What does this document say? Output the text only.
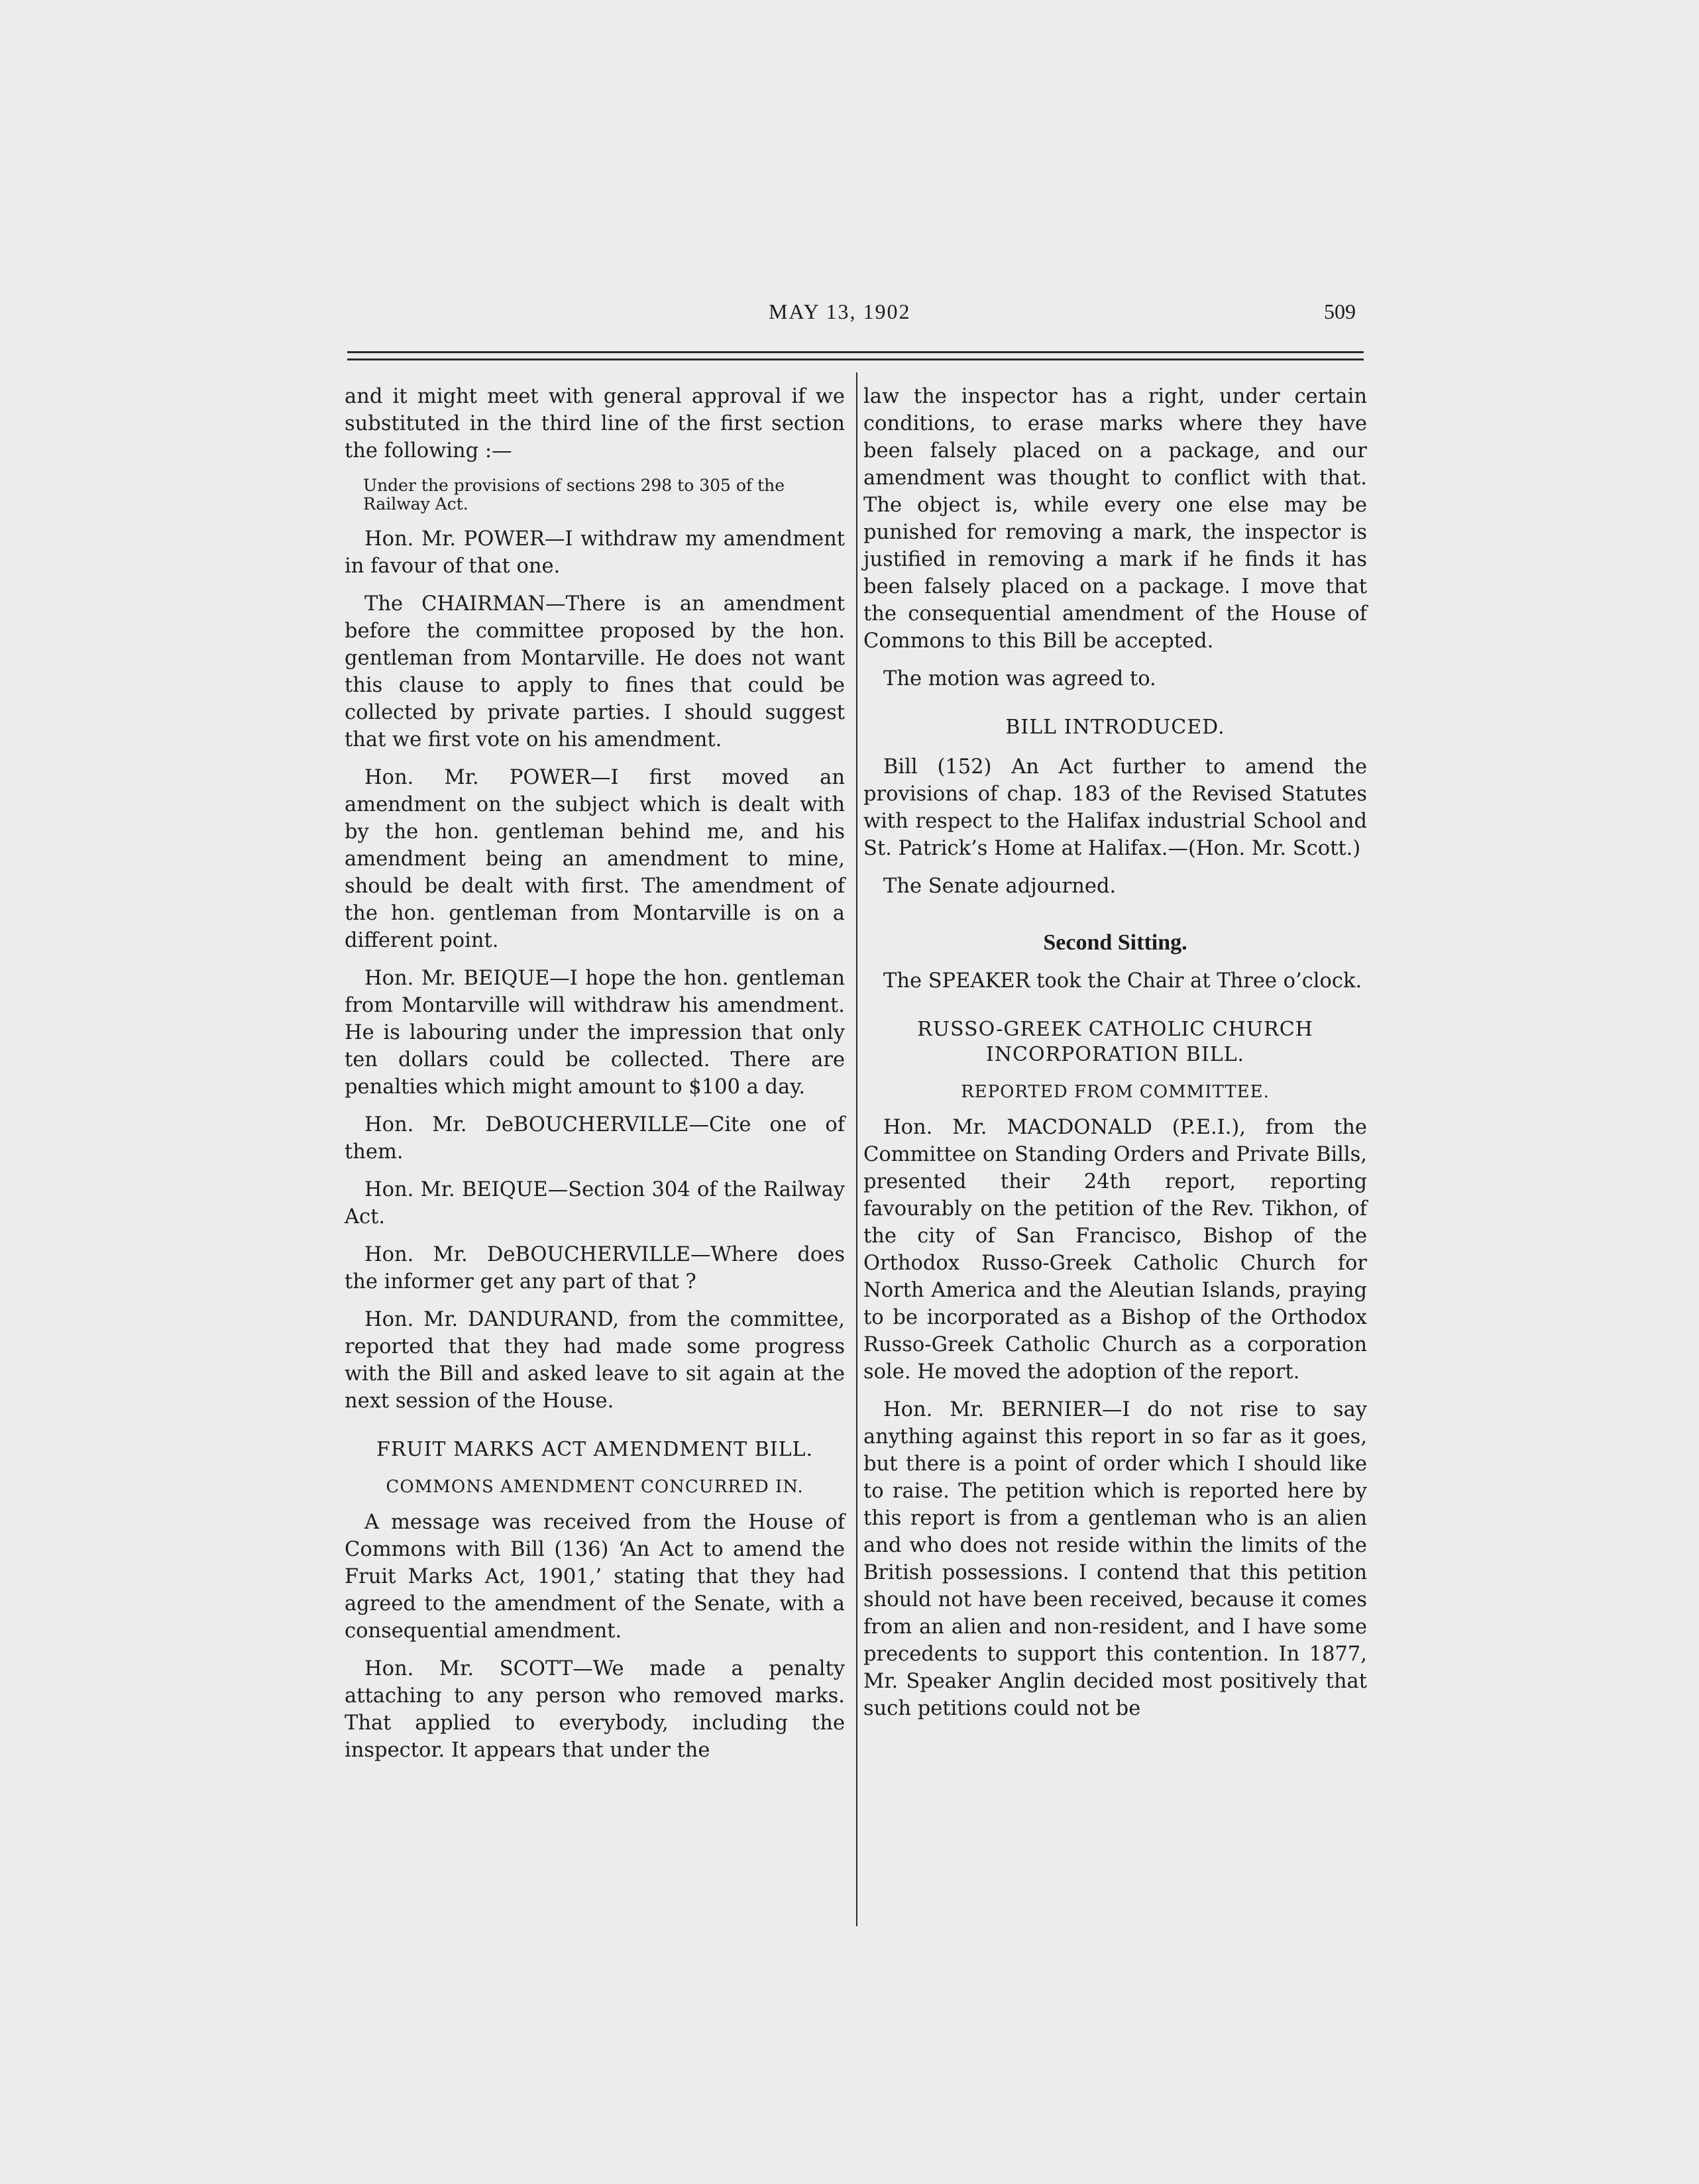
MAY 13, 1902	509

and it might meet with general approval if we substituted in the third line of the first section the following :—

Under the provisions of sections 298 to 305 of the Railway Act.

Hon. Mr. POWER—I withdraw my amendment in favour of that one.

The CHAIRMAN—There is an amendment before the committee proposed by the hon. gentleman from Montarville. He does not want this clause to apply to fines that could be collected by private parties. I should suggest that we first vote on his amendment.

Hon. Mr. POWER—I first moved an amendment on the subject which is dealt with by the hon. gentleman behind me, and his amendment being an amendment to mine, should be dealt with first. The amendment of the hon. gentleman from Montarville is on a different point.

Hon. Mr. BEIQUE—I hope the hon. gentleman from Montarville will withdraw his amendment. He is labouring under the impression that only ten dollars could be collected. There are penalties which might amount to $100 a day.

Hon. Mr. DeBOUCHERVILLE—Cite one of them.

Hon. Mr. BEIQUE—Section 304 of the Railway Act.

Hon. Mr. DeBOUCHERVILLE—Where does the informer get any part of that ?

Hon. Mr. DANDURAND, from the committee, reported that they had made some progress with the Bill and asked leave to sit again at the next session of the House.

FRUIT MARKS ACT AMENDMENT BILL.
COMMONS AMENDMENT CONCURRED IN.

A message was received from the House of Commons with Bill (136) ‘An Act to amend the Fruit Marks Act, 1901,’ stating that they had agreed to the amendment of the Senate, with a consequential amendment.

Hon. Mr. SCOTT—We made a penalty attaching to any person who removed marks. That applied to everybody, including the inspector. It appears that under the

law the inspector has a right, under certain conditions, to erase marks where they have been falsely placed on a package, and our amendment was thought to conflict with that. The object is, while every one else may be punished for removing a mark, the inspector is justified in removing a mark if he finds it has been falsely placed on a package. I move that the consequential amendment of the House of Commons to this Bill be accepted.

The motion was agreed to.

BILL INTRODUCED.

Bill (152) An Act further to amend the provisions of chap. 183 of the Revised Statutes with respect to the Halifax industrial School and St. Patrick’s Home at Halifax.—(Hon. Mr. Scott.)

The Senate adjourned.

Second Sitting.

The SPEAKER took the Chair at Three o’clock.

RUSSO-GREEK CATHOLIC CHURCH INCORPORATION BILL.
REPORTED FROM COMMITTEE.

Hon. Mr. MACDONALD (P.E.I.), from the Committee on Standing Orders and Private Bills, presented their 24th report, reporting favourably on the petition of the Rev. Tikhon, of the city of San Francisco, Bishop of the Orthodox Russo-Greek Catholic Church for North America and the Aleutian Islands, praying to be incorporated as a Bishop of the Orthodox Russo-Greek Catholic Church as a corporation sole. He moved the adoption of the report.

Hon. Mr. BERNIER—I do not rise to say anything against this report in so far as it goes, but there is a point of order which I should like to raise. The petition which is reported here by this report is from a gentleman who is an alien and who does not reside within the limits of the British possessions. I contend that this petition should not have been received, because it comes from an alien and non-resident, and I have some precedents to support this contention. In 1877, Mr. Speaker Anglin decided most positively that such petitions could not be
